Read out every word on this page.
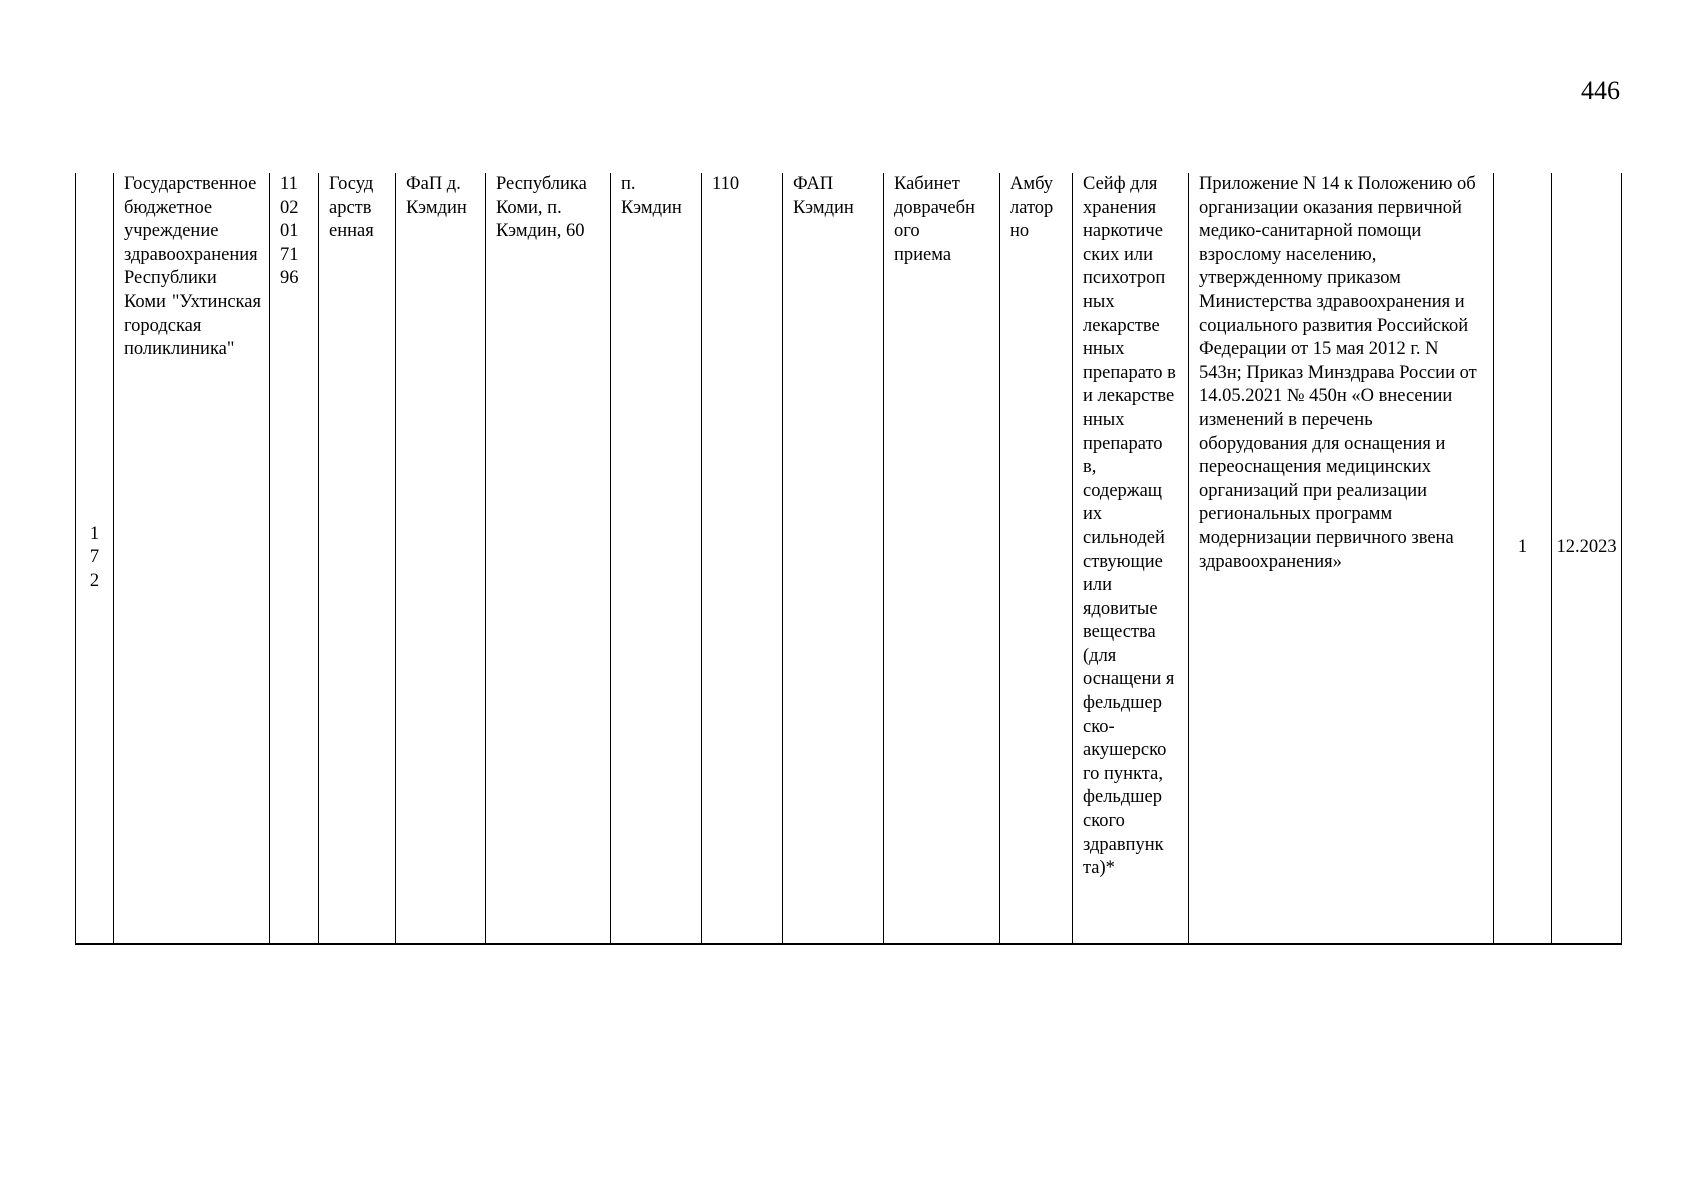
446
172	Государственное бюджетное учреждение здравоохранения Республики Коми "Ухтинская городская поликлиника"	11
02
01
71
96	Госуд
арств
енная	ФаП д. Кэмдин	Республика Коми, п. Кэмдин, 60	п. Кэмдин	110	ФАП Кэмдин	Кабинет
доврачебн
ого
приема	Амбу
латор
но	Сейф для хранения наркотиче ских или психотроп ных лекарстве нных препарато в и лекарстве нных препарато в, содержащ их сильнодей ствующие или ядовитые вещества (для оснащени я фельдшер ско-акушерско го пункта, фельдшер ского здравпунк та)*	Приложение N 14 к Положению об организации оказания первичной медико-санитарной помощи взрослому населению, утвержденному приказом Министерства здравоохранения и социального развития Российской Федерации от 15 мая 2012 г. N 543н; Приказ Минздрава России от 14.05.2021 № 450н «О внесении изменений в перечень оборудования для оснащения и переоснащения медицинских организаций при реализации региональных программ модернизации первичного звена здравоохранения»	1	12.2023
